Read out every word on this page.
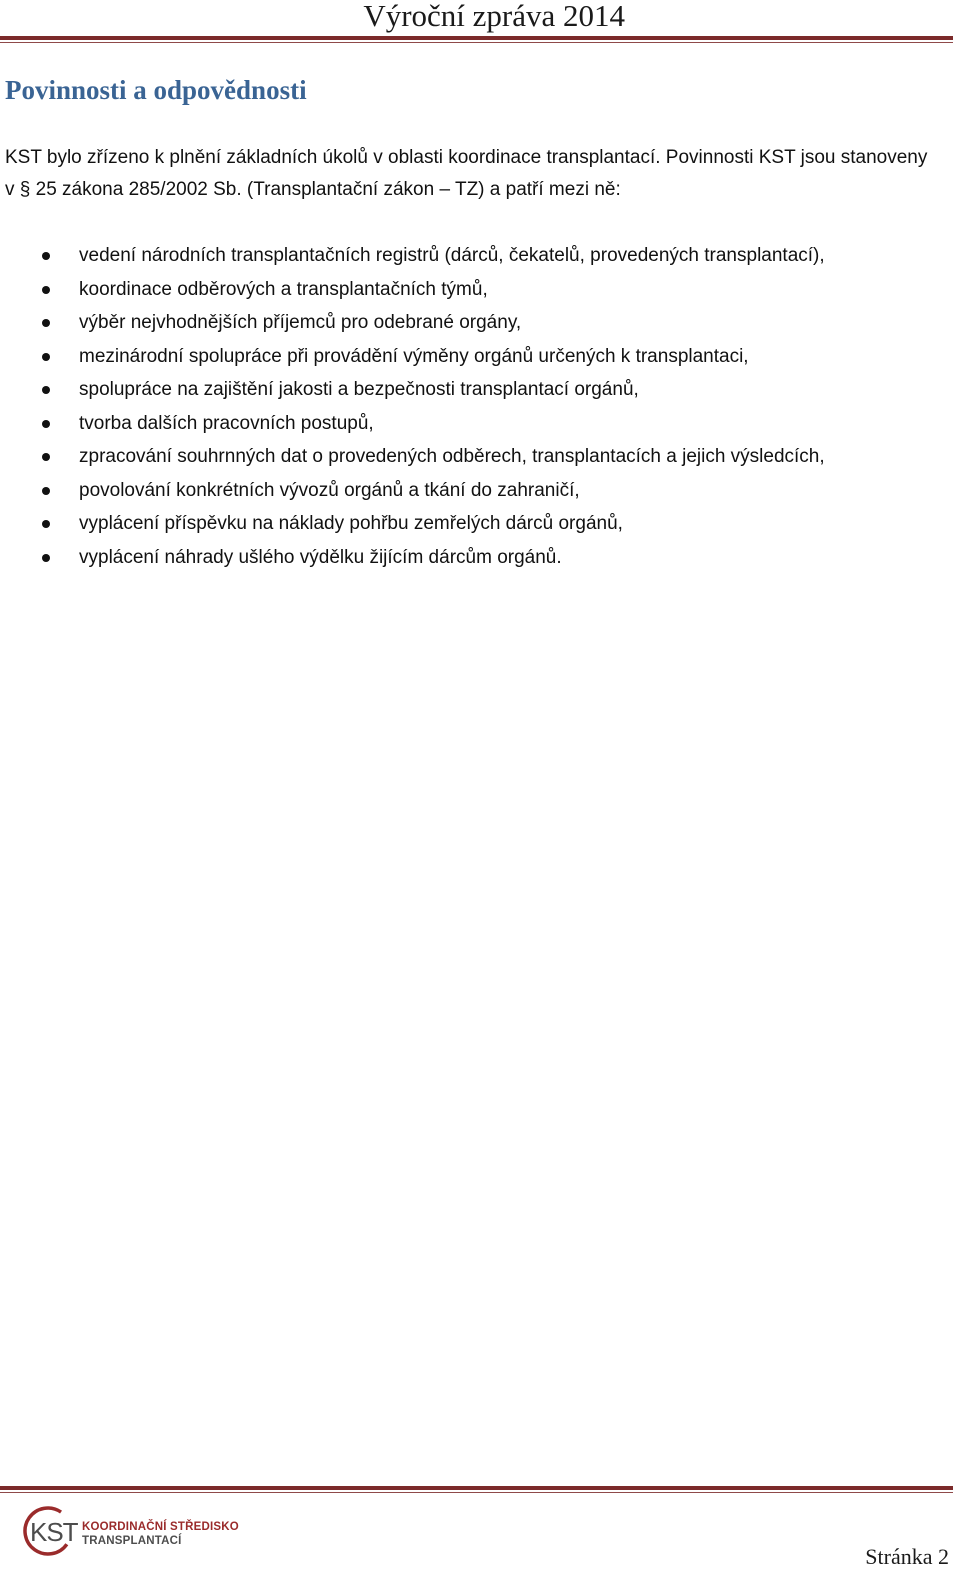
Výroční zpráva 2014
Povinnosti a odpovědnosti

KST bylo zřízeno k plnění základních úkolů v oblasti koordinace transplantací. Povinnosti KST jsou stanoveny v § 25 zákona 285/2002 Sb. (Transplantační zákon – TZ) a patří mezi ně:

vedení národních transplantačních registrů (dárců, čekatelů, provedených transplantací),
koordinace odběrových a transplantačních týmů,
výběr nejvhodnějších příjemců pro odebrané orgány,
mezinárodní spolupráce při provádění výměny orgánů určených k transplantaci,
spolupráce na zajištění jakosti a bezpečnosti transplantací orgánů,
tvorba dalších pracovních postupů,
zpracování souhrnných dat o provedených odběrech, transplantacích a jejich výsledcích,
povolování konkrétních vývozů orgánů a tkání do zahraničí,
vyplácení příspěvku na náklady pohřbu zemřelých dárců orgánů,
vyplácení náhrady ušlého výdělku žijícím dárcům orgánů.
KST KOORDINAČNÍ STŘEDISKO
TRANSPLANTACÍ
Stránka 2
